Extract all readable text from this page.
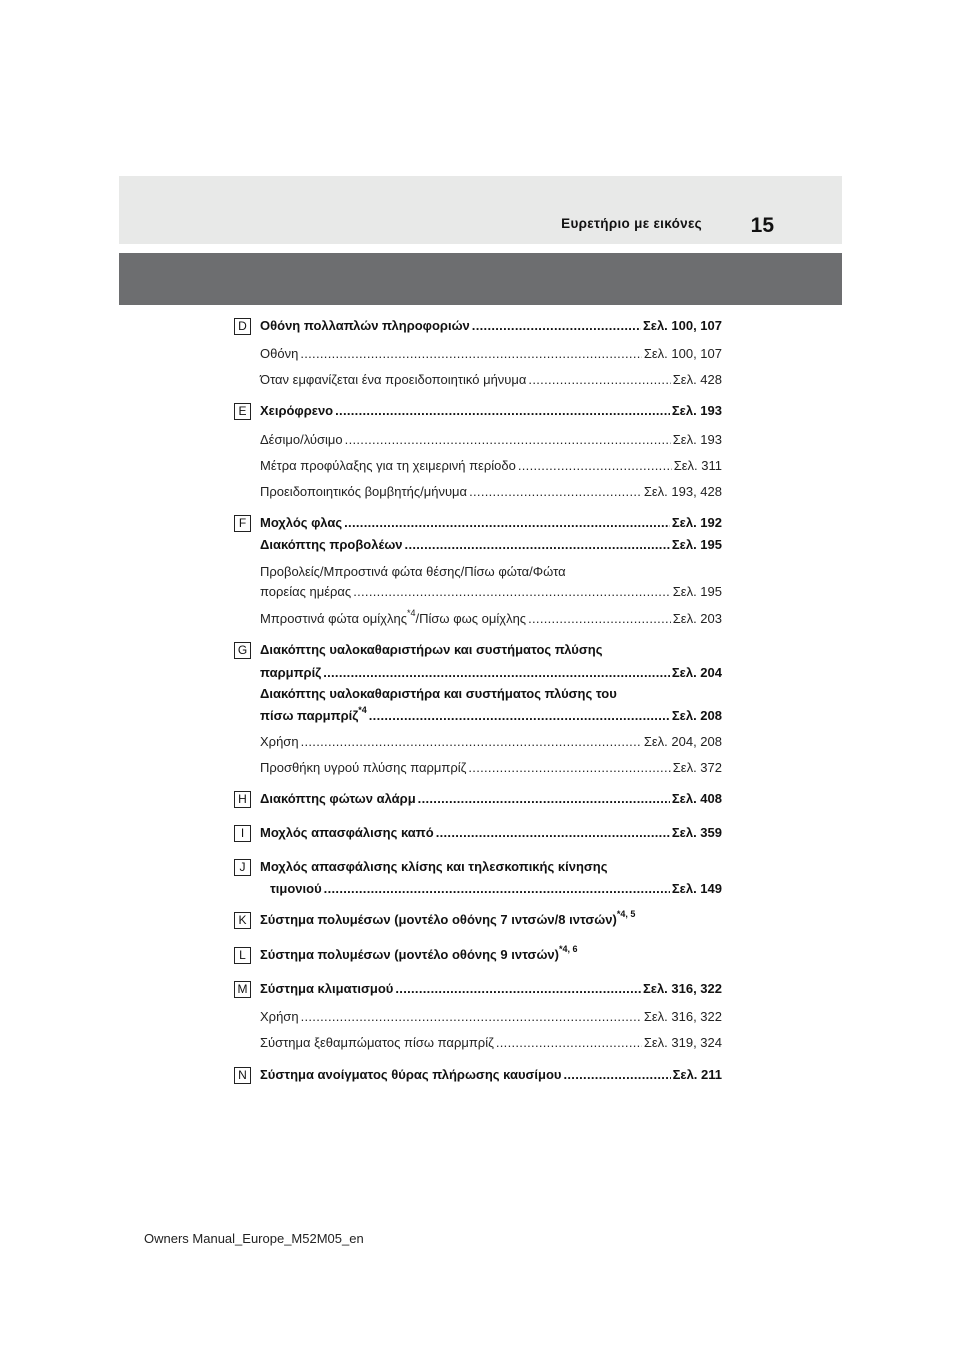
Ευρετήριο με εικόνες 15
D	Οθόνη πολλαπλών πληροφοριών .....	Σελ. 100, 107
Οθόνη .....	Σελ. 100, 107
Όταν εμφανίζεται ένα προειδοποιητικό μήνυμα .....	Σελ. 428
E	Χειρόφρενο .....	Σελ. 193
Δέσιμο/λύσιμο .....	Σελ. 193
Μέτρα προφύλαξης για τη χειμερινή περίοδο .....	Σελ. 311
Προειδοποιητικός βομβητής/μήνυμα .....	Σελ. 193, 428
F	Μοχλός φλας .....	Σελ. 192
Διακόπτης προβολέων .....	Σελ. 195
Προβολείς/Μπροστινά φώτα θέσης/Πίσω φώτα/Φώτα
πορείας ημέρας .....	Σελ. 195
Μπροστινά φώτα ομίχλης$^{*4}$/Πίσω φως ομίχλης .....	Σελ. 203
G Διακόπτης υαλοκαθαριστήρων και συστήματος πλύσης
παρμπρίζ .....	Σελ. 204
Διακόπτης υαλοκαθαριστήρα και συστήματος πλύσης του
πίσω παρμπρίζ$^{*4}$ .....	Σελ. 208
Χρήση .....	Σελ. 204, 208
Προσθήκη υγρού πλύσης παρμπρίζ .....	Σελ. 372
H	Διακόπτης φώτων αλάρμ .....	Σελ. 408
I	Μοχλός απασφάλισης καπό .....	Σελ. 359
J	Μοχλός απασφάλισης κλίσης και τηλεσκοπικής κίνησης
τιμονιού .....	Σελ. 149
K	Σύστημα πολυμέσων (μοντέλο οθόνης 7 ιντσών/8 ιντσών)$^{*4, 5}$
L	Σύστημα πολυμέσων (μοντέλο οθόνης 9 ιντσών)$^{*4, 6}$
M Σύστημα κλιματισμού .....	Σελ. 316, 322
Χρήση .....	Σελ. 316, 322
Σύστημα ξεθαμπώματος πίσω παρμπρίζ .....	Σελ. 319, 324
N	Σύστημα ανοίγματος θύρας πλήρωσης καυσίμου .....	Σελ. 211
Owners Manual_Europe_M52M05_en
